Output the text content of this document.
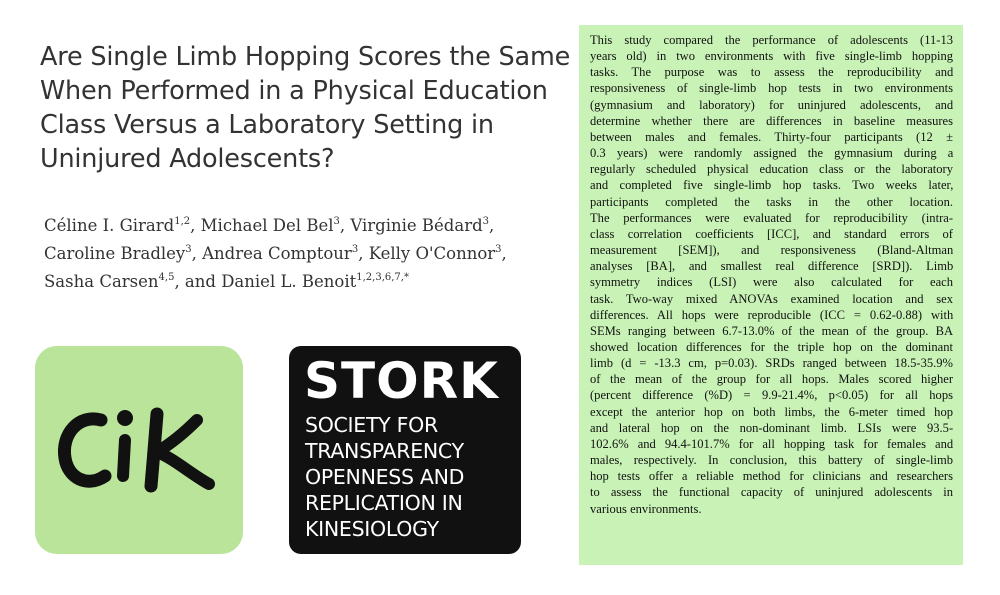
Are Single Limb Hopping Scores the Same
When Performed in a Physical Education
Class Versus a Laboratory Setting in
Uninjured Adolescents?
Céline I. Girard$^{1,2}$, Michael Del Bel$^3$, Virginie Bédard$^3$,
Caroline Bradley$^3$, Andrea Comptour$^3$, Kelly O'Connor$^3$,
Sasha Carsen$^{4,5}$, and Daniel L. Benoit$^{1,2,3,6,7,*}$
STORK
SOCIETY FOR
TRANSPARENCY
OPENNESS AND
REPLICATION IN
KINESIOLOGY
This study compared the performance of adolescents (11-13
years old) in two environments with five single-limb hopping
tasks. The purpose was to assess the reproducibility and
responsiveness of single-limb hop tests in two environments
(gymnasium and laboratory) for uninjured adolescents, and
determine whether there are differences in baseline measures
between males and females. Thirty-four participants (12 ±
0.3 years) were randomly assigned the gymnasium during a
regularly scheduled physical education class or the laboratory
and completed five single-limb hop tasks. Two weeks later,
participants completed the tasks in the other location.
The performances were evaluated for reproducibility (intra-
class correlation coefficients [ICC], and standard errors of
measurement [SEM]), and responsiveness (Bland-Altman
analyses [BA], and smallest real difference [SRD]). Limb
symmetry indices (LSI) were also calculated for each
task. Two-way mixed ANOVAs examined location and sex
differences. All hops were reproducible (ICC = 0.62-0.88) with
SEMs ranging between 6.7-13.0% of the mean of the group. BA
showed location differences for the triple hop on the dominant
limb (d = -13.3 cm, p=0.03). SRDs ranged between 18.5-35.9%
of the mean of the group for all hops. Males scored higher
(percent difference (%D) = 9.9-21.4%, p<0.05) for all hops
except the anterior hop on both limbs, the 6-meter timed hop
and lateral hop on the non-dominant limb. LSIs were 93.5-
102.6% and 94.4-101.7% for all hopping task for females and
males, respectively. In conclusion, this battery of single-limb
hop tests offer a reliable method for clinicians and researchers
to assess the functional capacity of uninjured adolescents in
various environments.
